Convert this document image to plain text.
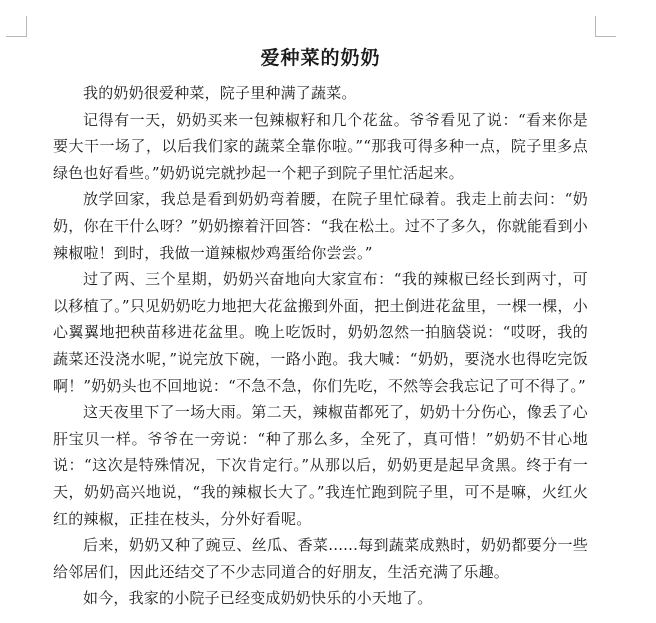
爱种菜的奶奶

我的奶奶很爱种菜，院子里种满了蔬菜。

记得有一天，奶奶买来一包辣椒籽和几个花盆。爷爷看见了说：“看来你是要大干一场了，以后我们家的蔬菜全靠你啦。”“那我可得多种一点，院子里多点绿色也好看些。”奶奶说完就抄起一个耙子到院子里忙活起来。

放学回家，我总是看到奶奶弯着腰，在院子里忙碌着。我走上前去问：“奶奶，你在干什么呀？”奶奶擦着汗回答：“我在松土。过不了多久，你就能看到小辣椒啦！到时，我做一道辣椒炒鸡蛋给你尝尝。”

过了两、三个星期，奶奶兴奋地向大家宣布：“我的辣椒已经长到两寸，可以移植了。”只见奶奶吃力地把大花盆搬到外面，把土倒进花盆里，一棵一棵，小心翼翼地把秧苗移进花盆里。晚上吃饭时，奶奶忽然一拍脑袋说：“哎呀，我的蔬菜还没浇水呢，”说完放下碗，一路小跑。我大喊：“奶奶，要浇水也得吃完饭啊！”奶奶头也不回地说：“不急不急，你们先吃，不然等会我忘记了可不得了。”

这天夜里下了一场大雨。第二天，辣椒苗都死了，奶奶十分伤心，像丢了心肝宝贝一样。爷爷在一旁说：“种了那么多，全死了，真可惜！”奶奶不甘心地说：“这次是特殊情况，下次肯定行。”从那以后，奶奶更是起早贪黑。终于有一天，奶奶高兴地说，“我的辣椒长大了。”我连忙跑到院子里，可不是嘛，火红火红的辣椒，正挂在枝头，分外好看呢。

后来，奶奶又种了豌豆、丝瓜、香菜......每到蔬菜成熟时，奶奶都要分一些给邻居们，因此还结交了不少志同道合的好朋友，生活充满了乐趣。

如今，我家的小院子已经变成奶奶快乐的小天地了。
